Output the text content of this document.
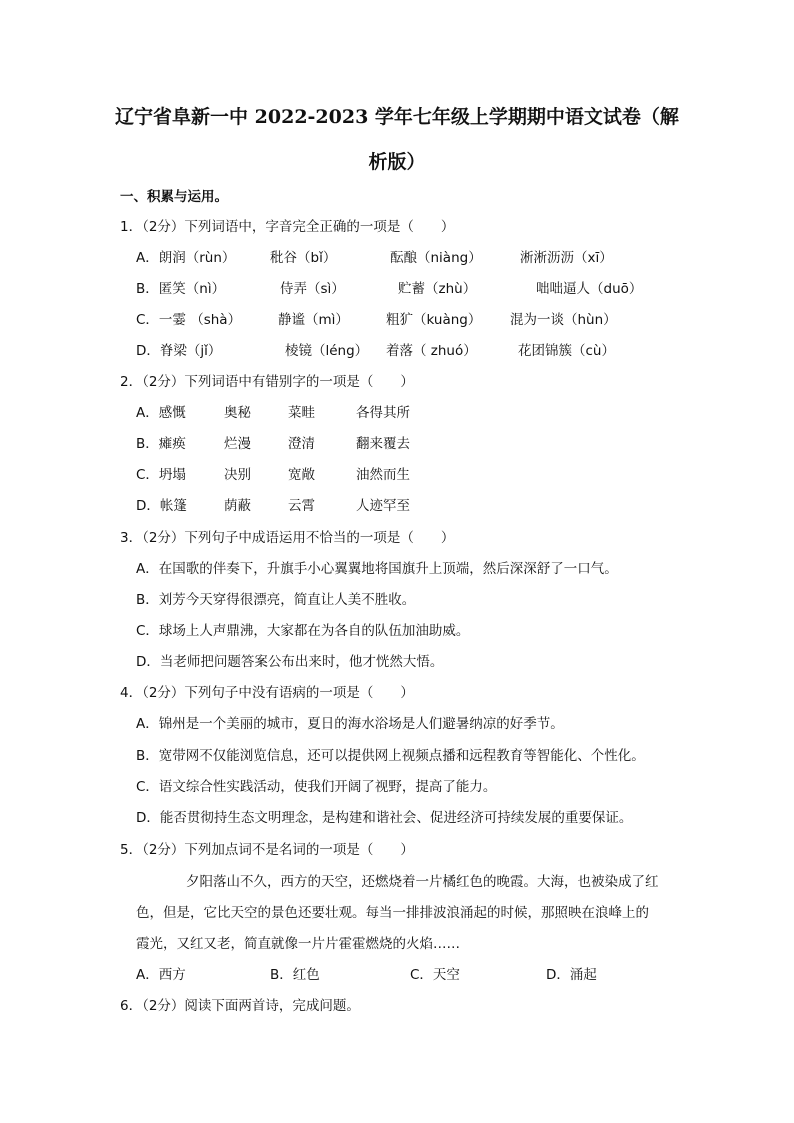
辽宁省阜新一中 2022-2023 学年七年级上学期期中语文试卷（解
析版）
一、积累与运用。
1．（2分）下列词语中，字音完全正确的一项是（　　）
A．朗润（rùn）	秕谷（bǐ）	酝酿（niàng）	淅淅沥沥（xī）
B．匿笑（nì）	侍弄（sì）	贮蓄（zhù）	咄咄逼人（duō）
C．一霎 （shà）	静谧（mì）	粗犷（kuàng） 混为一谈（hùn）
D．脊梁（jǐ）	棱镜（léng） 着落（ zhuó）	花团锦簇（cù）
2．（2分）下列词语中有错别字的一项是（　　）
A．感慨	奥秘	菜畦	各得其所
B．瘫痪	烂漫	澄清	翻来覆去
C．坍塌	决别	宽敞	油然而生
D．帐篷	荫蔽	云霄	人迹罕至
3．（2分）下列句子中成语运用不恰当的一项是（　　）
A．在国歌的伴奏下，升旗手小心翼翼地将国旗升上顶端，然后深深舒了一口气。
B．刘芳今天穿得很漂亮，简直让人美不胜收。
C．球场上人声鼎沸，大家都在为各自的队伍加油助威。
D．当老师把问题答案公布出来时，他才恍然大悟。
4．（2分）下列句子中没有语病的一项是（　　）
A．锦州是一个美丽的城市，夏日的海水浴场是人们避暑纳凉的好季节。
B．宽带网不仅能浏览信息，还可以提供网上视频点播和远程教育等智能化、个性化。
C．语文综合性实践活动，使我们开阔了视野，提高了能力。
D．能否贯彻持生态文明理念，是构建和谐社会、促进经济可持续发展的重要保证。
5．（2分）下列加点词不是名词的一项是（　　）
夕阳落山不久，西方的天空，还燃烧着一片橘红色的晚霞。大海，也被染成了红
色，但是，它比天空的景色还要壮观。每当一排排波浪涌起的时候，那照映在浪峰上的
霞光，又红又老，简直就像一片片霍霍燃烧的火焰……
A．西方	B．红色	C．天空	D．涌起
6．（2分）阅读下面两首诗，完成问题。
